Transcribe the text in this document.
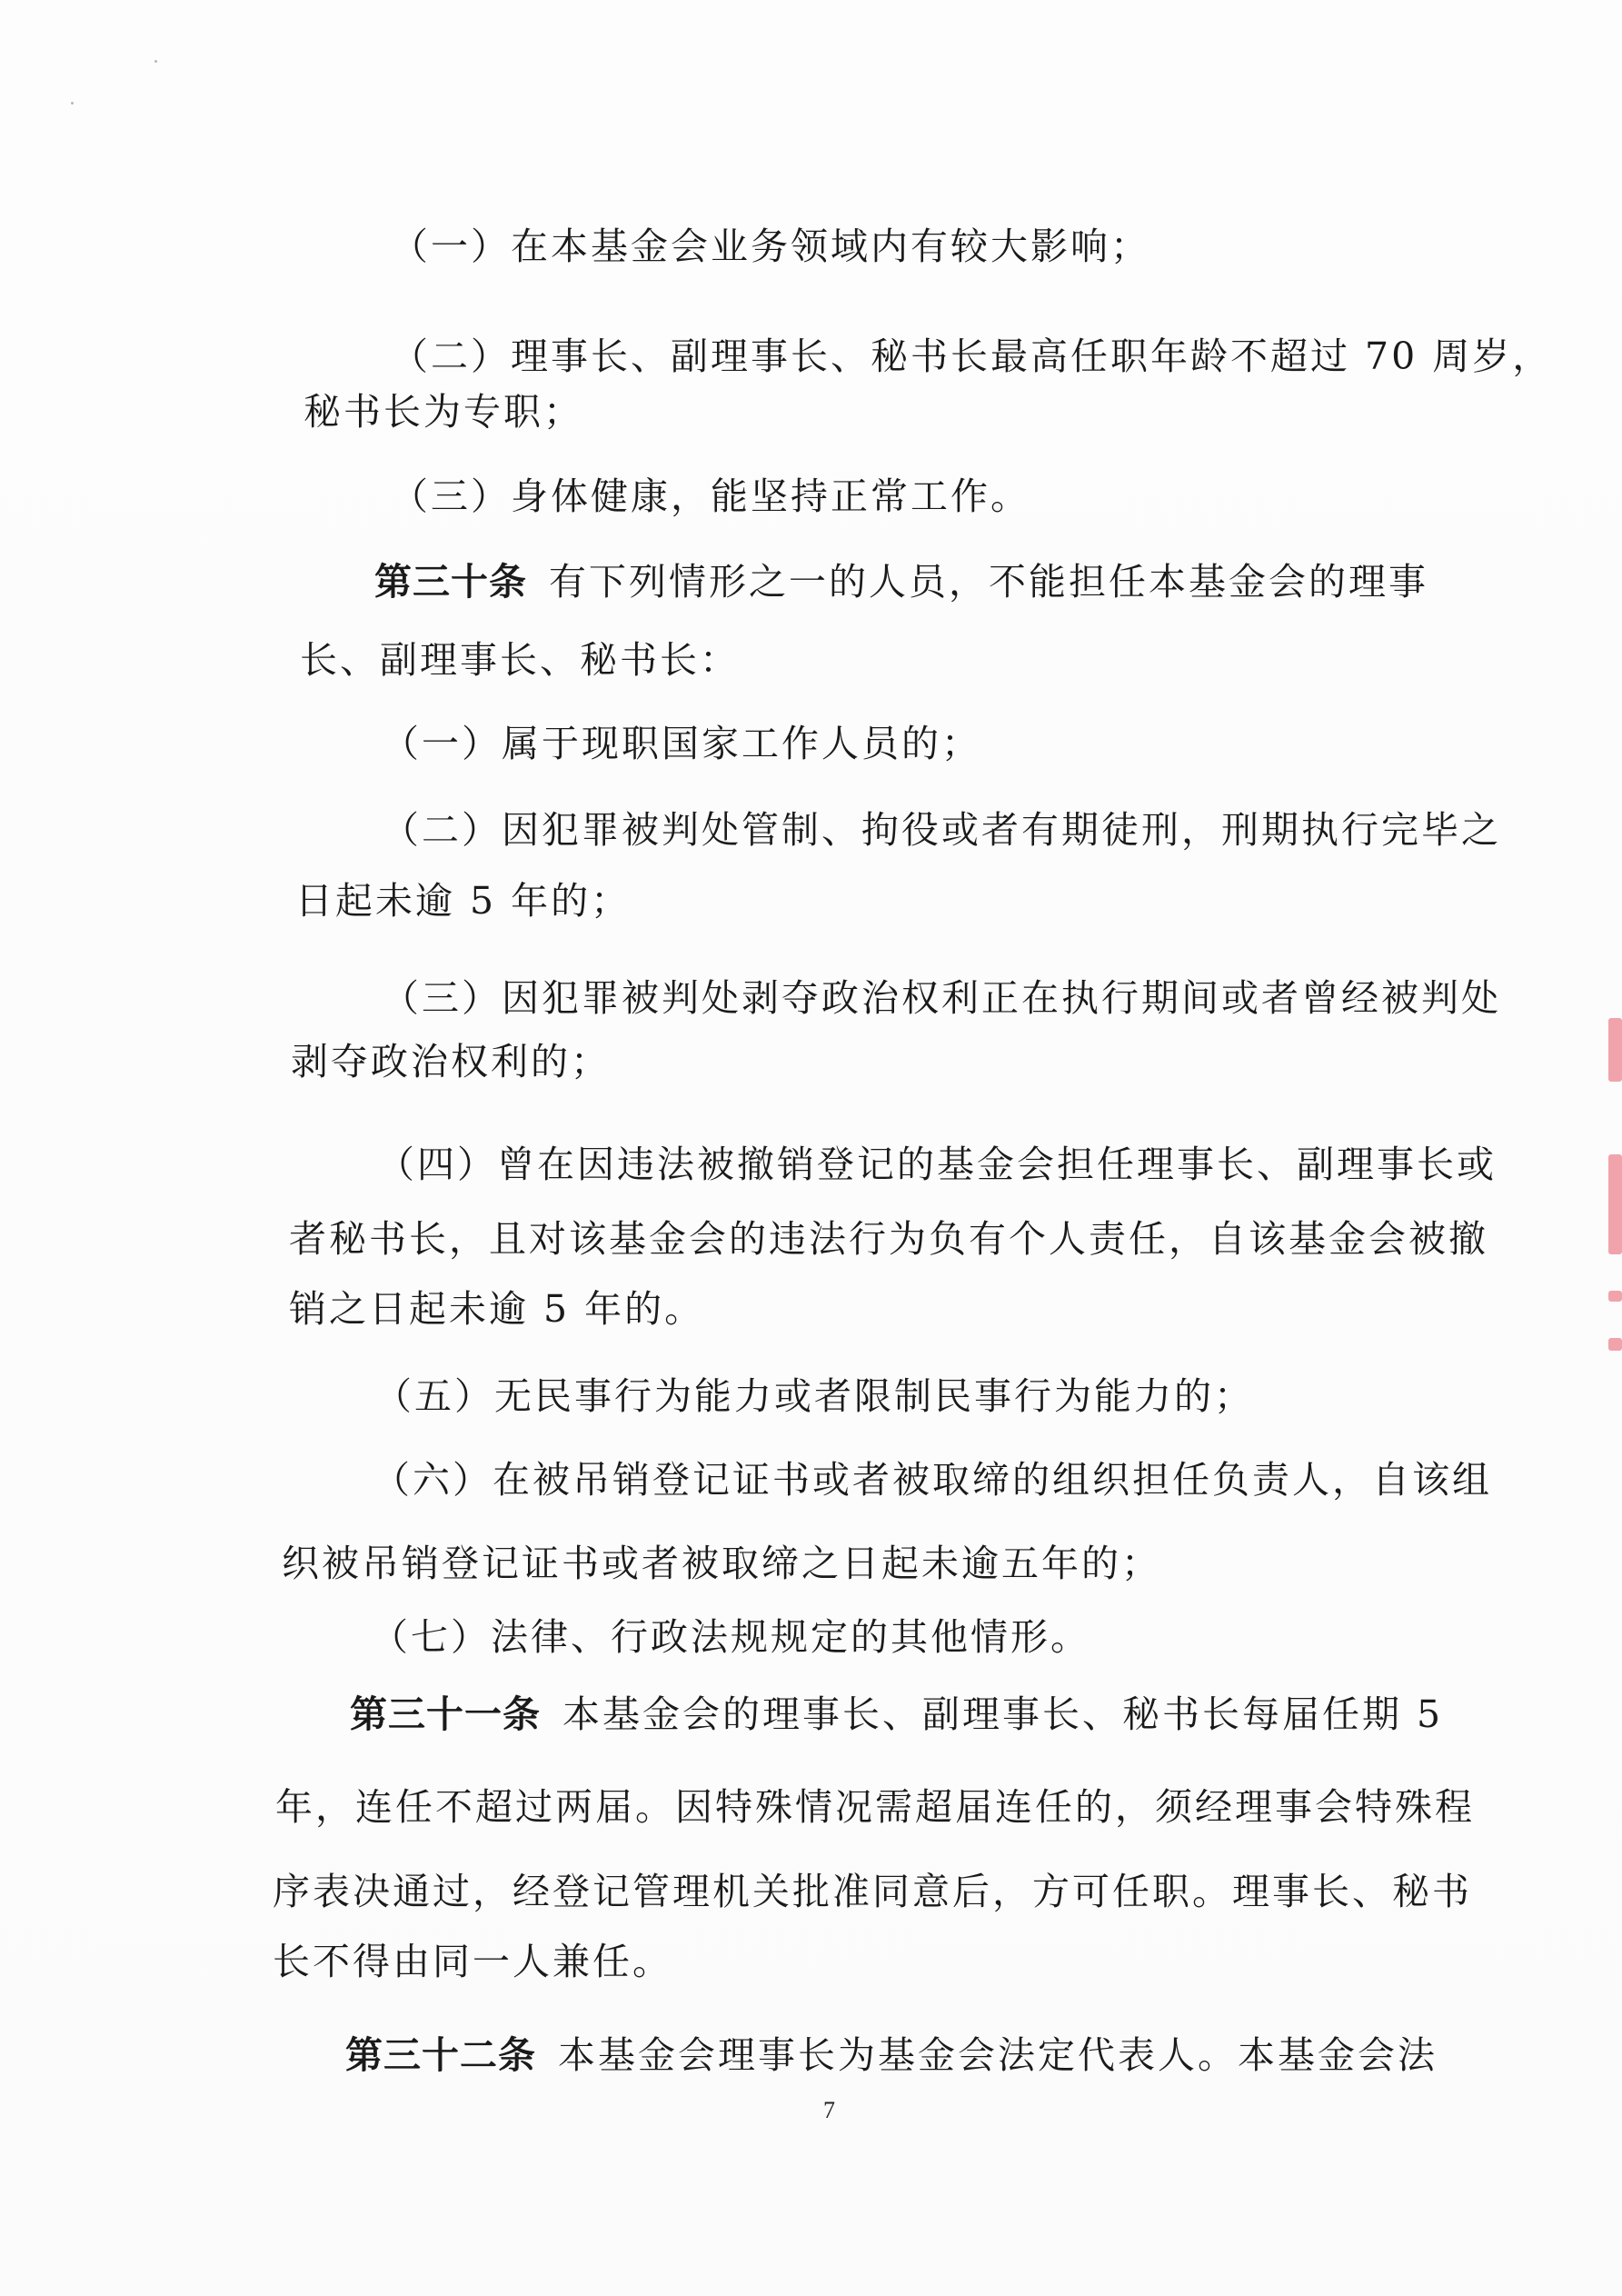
（一）在本基金会业务领域内有较大影响；
（二）理事长、副理事长、秘书长最高任职年龄不超过 70 周岁，
秘书长为专职；
（三）身体健康，能坚持正常工作。
第三十条 有下列情形之一的人员，不能担任本基金会的理事
长、副理事长、秘书长：
（一）属于现职国家工作人员的；
（二）因犯罪被判处管制、拘役或者有期徒刑，刑期执行完毕之
日起未逾 5 年的；
（三）因犯罪被判处剥夺政治权利正在执行期间或者曾经被判处
剥夺政治权利的；
（四）曾在因违法被撤销登记的基金会担任理事长、副理事长或
者秘书长，且对该基金会的违法行为负有个人责任，自该基金会被撤
销之日起未逾 5 年的。
（五）无民事行为能力或者限制民事行为能力的；
（六）在被吊销登记证书或者被取缔的组织担任负责人，自该组
织被吊销登记证书或者被取缔之日起未逾五年的；
（七）法律、行政法规规定的其他情形。
第三十一条 本基金会的理事长、副理事长、秘书长每届任期 5
年，连任不超过两届。因特殊情况需超届连任的，须经理事会特殊程
序表决通过，经登记管理机关批准同意后，方可任职。理事长、秘书
长不得由同一人兼任。
第三十二条 本基金会理事长为基金会法定代表人。本基金会法
7
